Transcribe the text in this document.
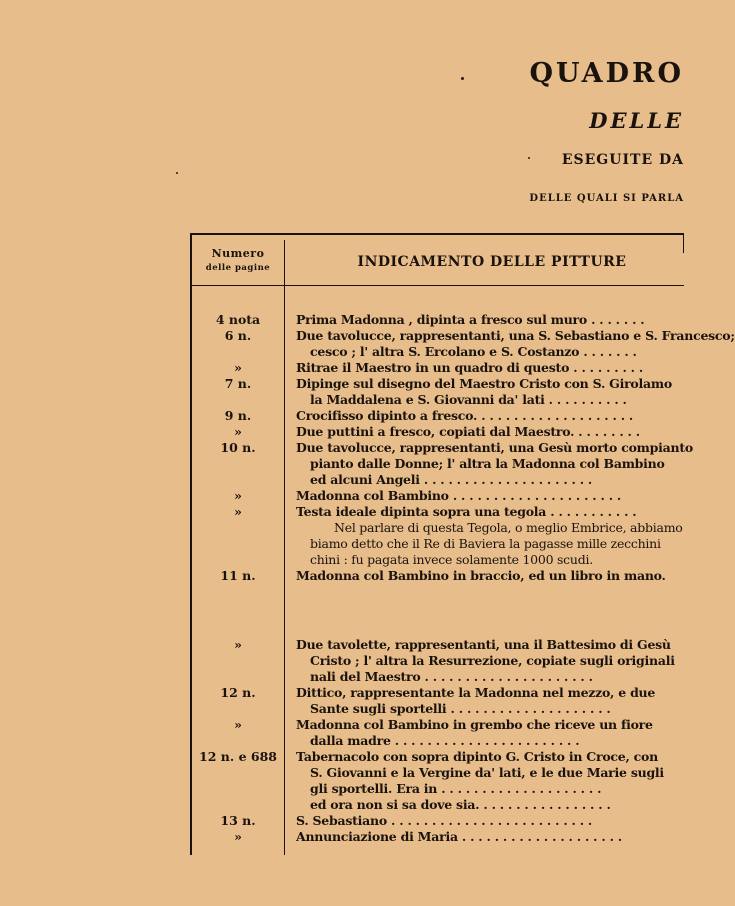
QUADRO
DELLE
ESEGUITE DA
DELLE QUALI SI PARLA
Numero
delle pagine	INDICAMENTO DELLE PITTURE
4 nota	Prima Madonna , dipinta a fresco sul muro . . . . . . .
6 n.	Due tavolucce, rappresentanti, una S. Sebastiano e S. Francesco;
cesco ; l' altra S. Ercolano e S. Costanzo . . . . . . .
»	Ritrae il Maestro in un quadro di questo . . . . . . . . .
7 n.	Dipinge sul disegno del Maestro Cristo con S. Girolamo
la Maddalena e S. Giovanni da' lati . . . . . . . . . .
9 n.	Crocifisso dipinto a fresco. . . . . . . . . . . . . . . . . . . .
»	Due puttini a fresco, copiati dal Maestro. . . . . . . . .
10 n.	Due tavolucce, rappresentanti, una Gesù morto compianto
pianto dalle Donne; l' altra la Madonna col Bambino
ed alcuni Angeli . . . . . . . . . . . . . . . . . . . . .
»	Madonna col Bambino . . . . . . . . . . . . . . . . . . . . .
»	Testa ideale dipinta sopra una tegola . . . . . . . . . . .
Nel parlare di questa Tegola, o meglio Embrice, abbiamo
biamo detto che il Re di Baviera la pagasse mille zecchini
chini : fu pagata invece solamente 1000 scudi.
11 n.	Madonna col Bambino in braccio, ed un libro in mano.
»	Due tavolette, rappresentanti, una il Battesimo di Gesù
Cristo ; l' altra la Resurrezione, copiate sugli originali
nali del Maestro . . . . . . . . . . . . . . . . . . . . .
12 n.	Dittico, rappresentante la Madonna nel mezzo, e due
Sante sugli sportelli . . . . . . . . . . . . . . . . . . . .
»	Madonna col Bambino in grembo che riceve un fiore
dalla madre . . . . . . . . . . . . . . . . . . . . . . .
12 n. e 688	Tabernacolo con sopra dipinto G. Cristo in Croce, con
S. Giovanni e la Vergine da' lati, e le due Marie sugli
gli sportelli. Era in . . . . . . . . . . . . . . . . . . . .
ed ora non si sa dove sia. . . . . . . . . . . . . . . . .
13 n.	S. Sebastiano . . . . . . . . . . . . . . . . . . . . . . . . .
»	Annunciazione di Maria . . . . . . . . . . . . . . . . . . . .
